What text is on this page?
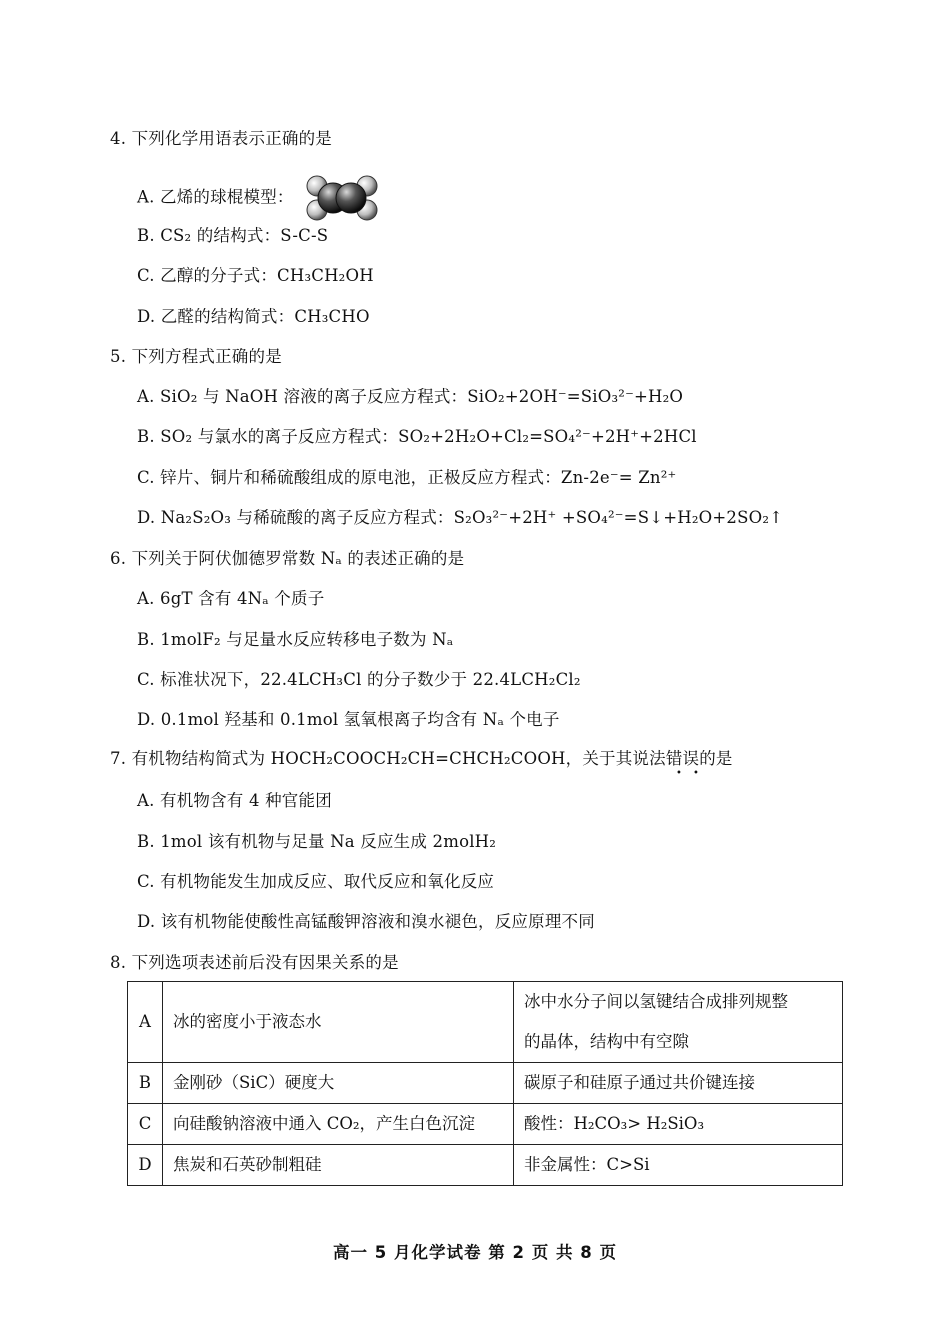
4. 下列化学用语表示正确的是
A. 乙烯的球棍模型：
B. CS₂ 的结构式：S-C-S
C. 乙醇的分子式：CH₃CH₂OH
D. 乙醛的结构简式：CH₃CHO
5. 下列方程式正确的是
A. SiO₂ 与 NaOH 溶液的离子反应方程式：SiO₂+2OH⁻=SiO₃²⁻+H₂O
B. SO₂ 与氯水的离子反应方程式：SO₂+2H₂O+Cl₂=SO₄²⁻+2H⁺+2HCl
C. 锌片、铜片和稀硫酸组成的原电池，正极反应方程式：Zn-2e⁻= Zn²⁺
D. Na₂S₂O₃ 与稀硫酸的离子反应方程式：S₂O₃²⁻+2H⁺ +SO₄²⁻=S↓+H₂O+2SO₂↑
6. 下列关于阿伏伽德罗常数 Nₐ 的表述正确的是
A. 6gT 含有 4Nₐ 个质子
B. 1molF₂ 与足量水反应转移电子数为 Nₐ
C. 标准状况下，22.4LCH₃Cl 的分子数少于 22.4LCH₂Cl₂
D. 0.1mol 羟基和 0.1mol 氢氧根离子均含有 Nₐ 个电子
7. 有机物结构简式为 HOCH₂COOCH₂CH=CHCH₂COOH，关于其说法错误的是
• •
A. 有机物含有 4 种官能团
B. 1mol 该有机物与足量 Na 反应生成 2molH₂
C. 有机物能发生加成反应、取代反应和氧化反应
D. 该有机物能使酸性高锰酸钾溶液和溴水褪色，反应原理不同
8. 下列选项表述前后没有因果关系的是
A	冰的密度小于液态水	冰中水分子间以氢键结合成排列规整
的晶体，结构中有空隙

B	金刚砂（SiC）硬度大	碳原子和硅原子通过共价键连接
C	向硅酸钠溶液中通入 CO₂，产生白色沉淀	酸性：H₂CO₃> H₂SiO₃
D	焦炭和石英砂制粗硅	非金属性：C>Si
高一 5 月化学试卷 第 2 页 共 8 页
